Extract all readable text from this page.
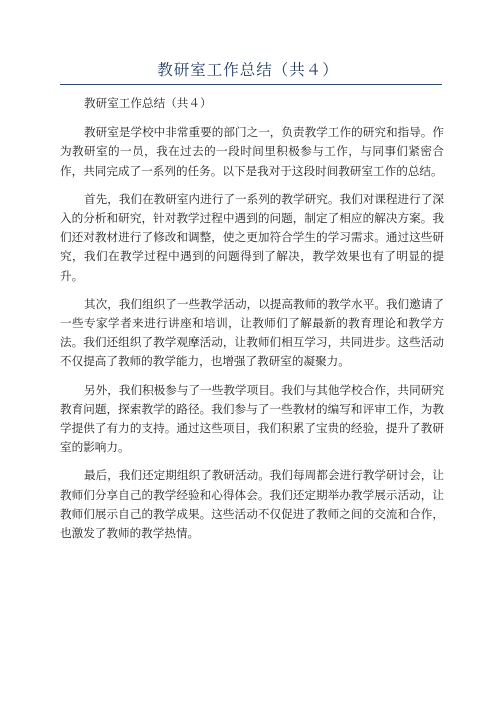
教研室工作总结（共４）

教研室工作总结（共４）

教研室是学校中非常重要的部门之一，负责教学工作的研究和指导。作为教研室的一员，我在过去的一段时间里积极参与工作，与同事们紧密合作，共同完成了一系列的任务。以下是我对于这段时间教研室工作的总结。

首先，我们在教研室内进行了一系列的教学研究。我们对课程进行了深入的分析和研究，针对教学过程中遇到的问题，制定了相应的解决方案。我们还对教材进行了修改和调整，使之更加符合学生的学习需求。通过这些研究，我们在教学过程中遇到的问题得到了解决，教学效果也有了明显的提升。

其次，我们组织了一些教学活动，以提高教师的教学水平。我们邀请了一些专家学者来进行讲座和培训，让教师们了解最新的教育理论和教学方法。我们还组织了教学观摩活动，让教师们相互学习，共同进步。这些活动不仅提高了教师的教学能力，也增强了教研室的凝聚力。

另外，我们积极参与了一些教学项目。我们与其他学校合作，共同研究教育问题，探索教学的路径。我们参与了一些教材的编写和评审工作，为教学提供了有力的支持。通过这些项目，我们积累了宝贵的经验，提升了教研室的影响力。

最后，我们还定期组织了教研活动。我们每周都会进行教学研讨会，让教师们分享自己的教学经验和心得体会。我们还定期举办教学展示活动，让教师们展示自己的教学成果。这些活动不仅促进了教师之间的交流和合作，也激发了教师的教学热情。
